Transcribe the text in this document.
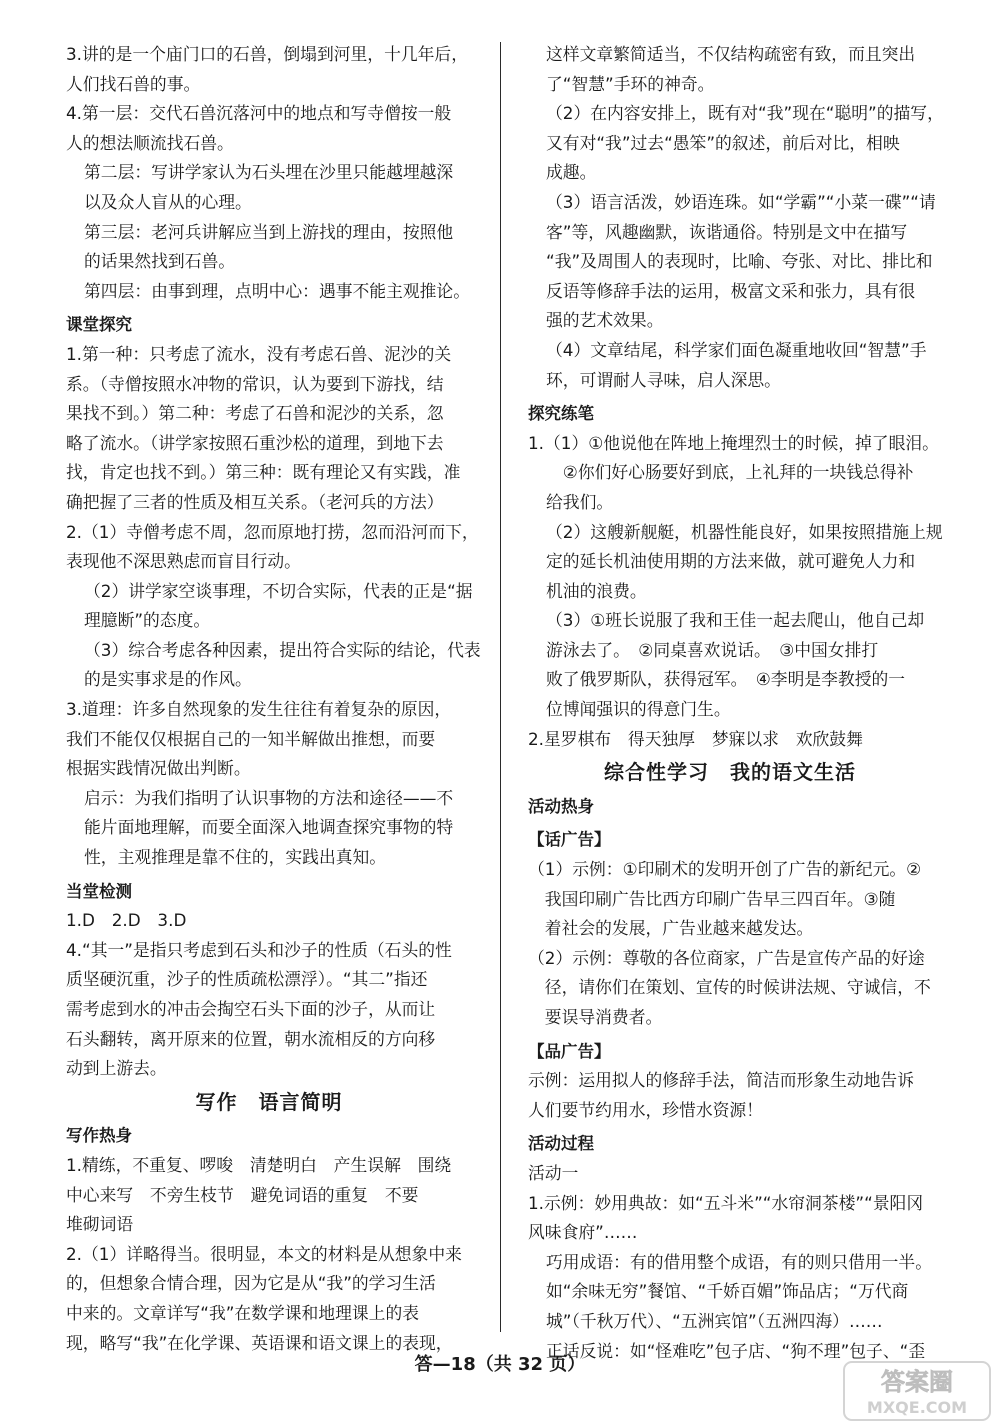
3.讲的是一个庙门口的石兽，倒塌到河里，十几年后，
人们找石兽的事。
4.第一层：交代石兽沉落河中的地点和写寺僧按一般
人的想法顺流找石兽。
第二层：写讲学家认为石头埋在沙里只能越埋越深
以及众人盲从的心理。
第三层：老河兵讲解应当到上游找的理由，按照他
的话果然找到石兽。
第四层：由事到理，点明中心：遇事不能主观推论。
课堂探究
1.第一种：只考虑了流水，没有考虑石兽、泥沙的关
系。（寺僧按照水冲物的常识，认为要到下游找，结
果找不到。）第二种：考虑了石兽和泥沙的关系，忽
略了流水。（讲学家按照石重沙松的道理，到地下去
找，肯定也找不到。）第三种：既有理论又有实践，准
确把握了三者的性质及相互关系。（老河兵的方法）
2.（1）寺僧考虑不周，忽而原地打捞，忽而沿河而下，
表现他不深思熟虑而盲目行动。
（2）讲学家空谈事理，不切合实际，代表的正是“据
理臆断”的态度。
（3）综合考虑各种因素，提出符合实际的结论，代表
的是实事求是的作风。
3.道理：许多自然现象的发生往往有着复杂的原因，
我们不能仅仅根据自己的一知半解做出推想，而要
根据实践情况做出判断。
启示：为我们指明了认识事物的方法和途径——不
能片面地理解，而要全面深入地调查探究事物的特
性，主观推理是靠不住的，实践出真知。
当堂检测
1.D　2.D　3.D
4.“其一”是指只考虑到石头和沙子的性质（石头的性
质坚硬沉重，沙子的性质疏松漂浮）。“其二”指还
需考虑到水的冲击会掏空石头下面的沙子，从而让
石头翻转，离开原来的位置，朝水流相反的方向移
动到上游去。
写作　语言简明
写作热身
1.精练，不重复、啰唆　清楚明白　产生误解　围绕
中心来写　不旁生枝节　避免词语的重复　不要
堆砌词语
2.（1）详略得当。很明显，本文的材料是从想象中来
的，但想象合情合理，因为它是从“我”的学习生活
中来的。文章详写“我”在数学课和地理课上的表
现，略写“我”在化学课、英语课和语文课上的表现，
这样文章繁简适当，不仅结构疏密有致，而且突出
了“智慧”手环的神奇。
（2）在内容安排上，既有对“我”现在“聪明”的描写，
又有对“我”过去“愚笨”的叙述，前后对比，相映
成趣。
（3）语言活泼，妙语连珠。如“学霸”“小菜一碟”“请
客”等，风趣幽默，诙谐通俗。特别是文中在描写
“我”及周围人的表现时，比喻、夸张、对比、排比和
反语等修辞手法的运用，极富文采和张力，具有很
强的艺术效果。
（4）文章结尾，科学家们面色凝重地收回“智慧”手
环，可谓耐人寻味，启人深思。
探究练笔
1.（1）①他说他在阵地上掩埋烈士的时候，掉了眼泪。
　②你们好心肠要好到底，上礼拜的一块钱总得补
给我们。
（2）这艘新舰艇，机器性能良好，如果按照措施上规
定的延长机油使用期的方法来做，就可避免人力和
机油的浪费。
（3）①班长说服了我和王佳一起去爬山，他自己却
游泳去了。　②同桌喜欢说话。　③中国女排打
败了俄罗斯队，获得冠军。　④李明是李教授的一
位博闻强识的得意门生。
2.星罗棋布　得天独厚　梦寐以求　欢欣鼓舞
综合性学习　我的语文生活
活动热身
【话广告】
（1）示例：①印刷术的发明开创了广告的新纪元。②
　我国印刷广告比西方印刷广告早三四百年。③随
　着社会的发展，广告业越来越发达。
（2）示例：尊敬的各位商家，广告是宣传产品的好途
　径，请你们在策划、宣传的时候讲法规、守诚信，不
　要误导消费者。
【品广告】
示例：运用拟人的修辞手法，简洁而形象生动地告诉
人们要节约用水，珍惜水资源！
活动过程
活动一
1.示例：妙用典故：如“五斗米”“水帘洞茶楼”“景阳冈
风味食府”……
巧用成语：有的借用整个成语，有的则只借用一半。
如“余味无穷”餐馆、“千娇百媚”饰品店；“万代商
城”（千秋万代）、“五洲宾馆”（五洲四海）……
正话反说：如“怪难吃”包子店、“狗不理”包子、“歪
答—18（共 32 页）
答案圈
MXQE.COM
